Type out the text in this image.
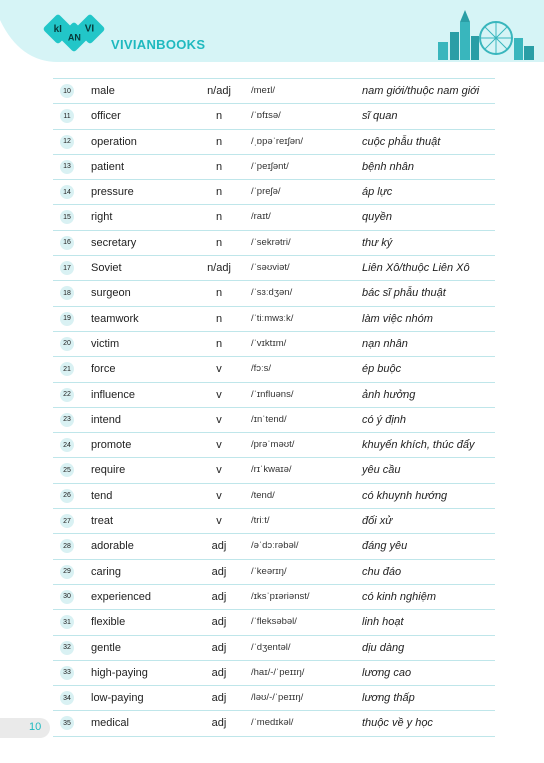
kI VI
AN VIVIANBOOKS
10 male	n/adj	/meɪl/	nam giới/thuộc nam giới
11	officer	n	/ˈɒfɪsə/	sĩ quan
12 operation	n	/ˌɒpəˈreɪʃən/	cuộc phẫu thuật
13 patient	n	/ˈpeɪʃənt/	bệnh nhân
14 pressure	n	/ˈpreʃə/	áp lực
15 right	n	/raɪt/	quyền
16 secretary	n	/ˈsekrətri/	thư ký
17 Soviet	n/adj	/ˈsəʊviət/	Liên Xô/thuộc Liên Xô
18 surgeon	n	/ˈsɜːdʒən/	bác sĩ phẫu thuật
19 teamwork	n	/ˈtiːmwɜːk/	làm việc nhóm
20 victim	n	/ˈvɪktɪm/	nạn nhân
21 force	v	/fɔːs/	ép buộc
22 influence	v	/ˈɪnfluəns/	ảnh hưởng
23 intend	v	/ɪnˈtend/	có ý định
24 promote	v	/prəˈməʊt/	khuyến khích, thúc đẩy
25 require	v	/rɪˈkwaɪə/	yêu cầu
26 tend	v	/tend/	có khuynh hướng
27 treat	v	/triːt/	đối xử
28 adorable	adj	/əˈdɔːrəbəl/	đáng yêu
29 caring	adj	/ˈkeərɪŋ/	chu đáo
30 experienced	adj	/ɪksˈpɪəriənst/	có kinh nghiệm
31 flexible	adj	/ˈfleksəbəl/	linh hoạt
32 gentle	adj	/ˈdʒentəl/	dịu dàng
33 high-paying	adj	/haɪ/-/ˈpeɪɪŋ/	lương cao
34 low-paying	adj	/ləʊ/-/ˈpeɪɪŋ/	lương thấp
35 medical	adj	/ˈmedɪkəl/	thuộc về y học
10
